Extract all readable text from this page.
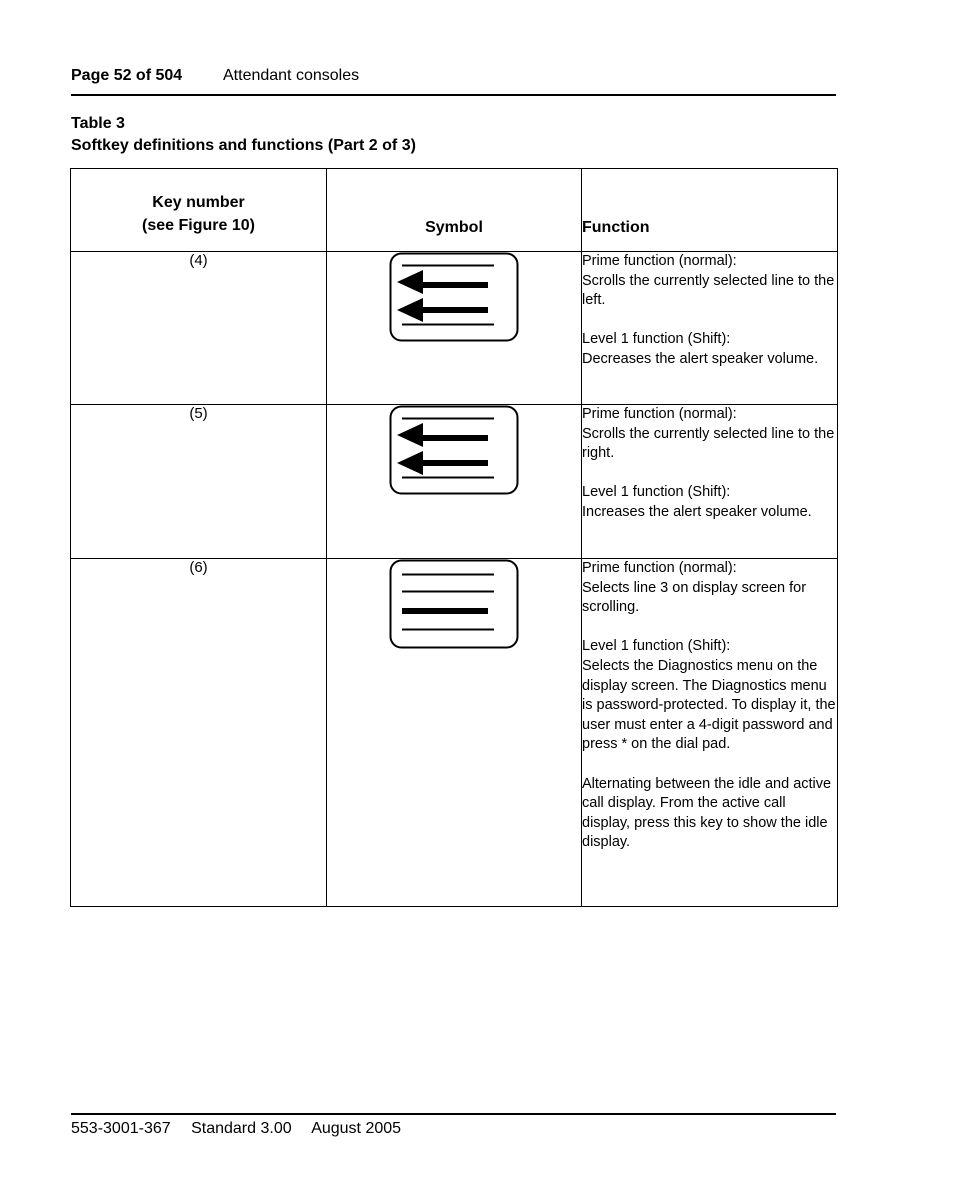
Page 52 of 504	Attendant consoles
Table 3
Softkey definitions and functions (Part 2 of 3)
Key number
(see Figure 10)	Symbol	Function
(4)		Prime function (normal):
Scrolls the currently selected line to the left.

Level 1 function (Shift):
Decreases the alert speaker volume.

(5)		Prime function (normal):
Scrolls the currently selected line to the right.

Level 1 function (Shift):
Increases the alert speaker volume.

(6)		Prime function (normal):
Selects line 3 on display screen for scrolling.

Level 1 function (Shift):
Selects the Diagnostics menu on the display screen. The Diagnostics menu is password-protected. To display it, the user must enter a 4-digit password and press * on the dial pad.

Alternating between the idle and active call display. From the active call display, press this key to show the idle display.

553-3001-367 Standard 3.00 August 2005
